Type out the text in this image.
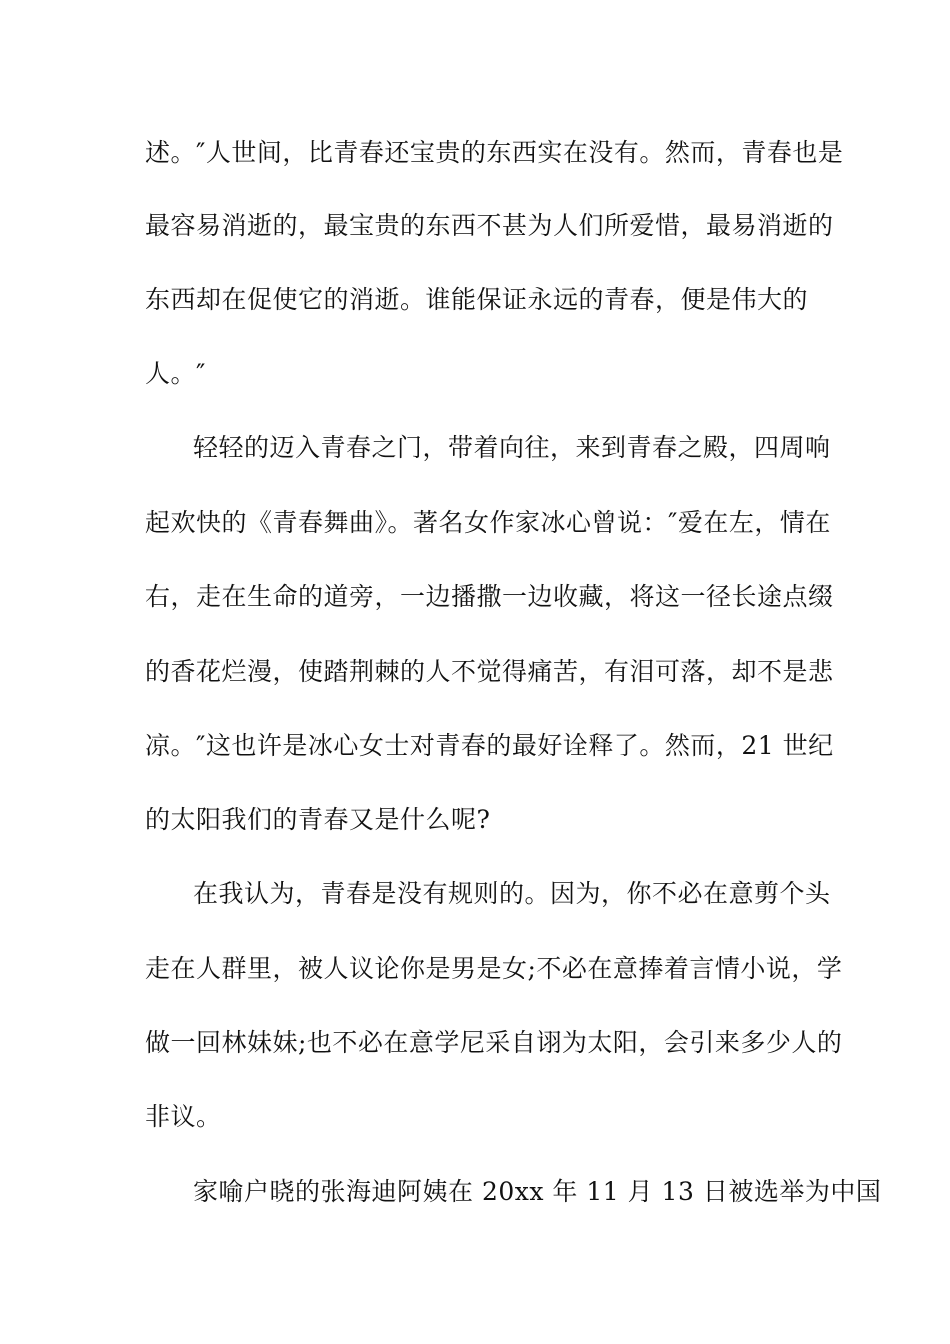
述。″人世间，比青春还宝贵的东西实在没有。然而，青春也是
最容易消逝的，最宝贵的东西不甚为人们所爱惜，最易消逝的
东西却在促使它的消逝。谁能保证永远的青春，便是伟大的
人。″
轻轻的迈入青春之门，带着向往，来到青春之殿，四周响
起欢快的《青春舞曲》。著名女作家冰心曾说：″爱在左，情在
右，走在生命的道旁，一边播撒一边收藏，将这一径长途点缀
的香花烂漫，使踏荆棘的人不觉得痛苦，有泪可落，却不是悲
凉。″这也许是冰心女士对青春的最好诠释了。然而，21 世纪
的太阳我们的青春又是什么呢?
在我认为，青春是没有规则的。因为，你不必在意剪个头
走在人群里，被人议论你是男是女;不必在意捧着言情小说，学
做一回林妹妹;也不必在意学尼采自诩为太阳，会引来多少人的
非议。
家喻户晓的张海迪阿姨在 20xx 年 11 月 13 日被选举为中国
